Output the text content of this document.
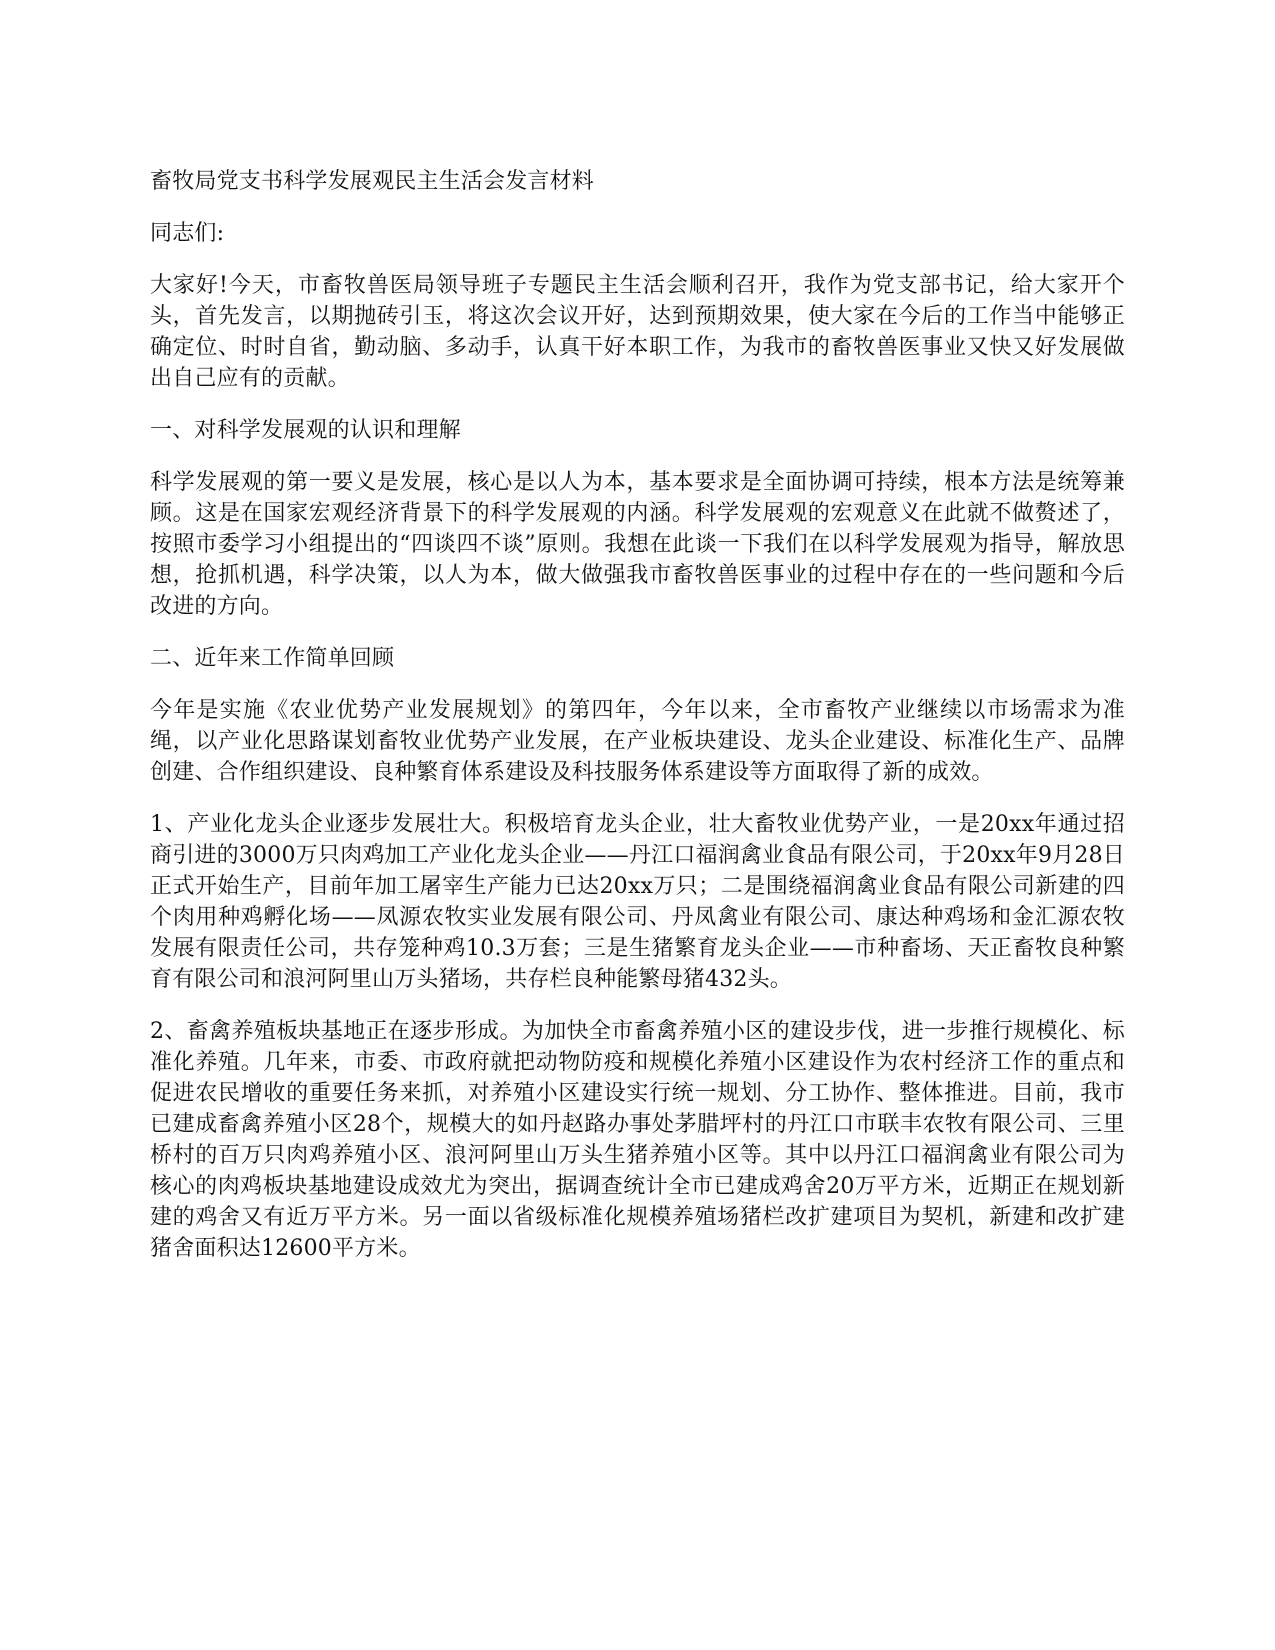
畜牧局党支书科学发展观民主生活会发言材料

同志们:

大家好!今天，市畜牧兽医局领导班子专题民主生活会顺利召开，我作为党支部书记，给大家开个头，首先发言，以期抛砖引玉，将这次会议开好，达到预期效果，使大家在今后的工作当中能够正确定位、时时自省，勤动脑、多动手，认真干好本职工作，为我市的畜牧兽医事业又快又好发展做出自己应有的贡献。

一、对科学发展观的认识和理解

科学发展观的第一要义是发展，核心是以人为本，基本要求是全面协调可持续，根本方法是统筹兼顾。这是在国家宏观经济背景下的科学发展观的内涵。科学发展观的宏观意义在此就不做赘述了，按照市委学习小组提出的“四谈四不谈”原则。我想在此谈一下我们在以科学发展观为指导，解放思想，抢抓机遇，科学决策，以人为本，做大做强我市畜牧兽医事业的过程中存在的一些问题和今后改进的方向。

二、近年来工作简单回顾

今年是实施《农业优势产业发展规划》的第四年，今年以来，全市畜牧产业继续以市场需求为准绳，以产业化思路谋划畜牧业优势产业发展，在产业板块建设、龙头企业建设、标准化生产、品牌创建、合作组织建设、良种繁育体系建设及科技服务体系建设等方面取得了新的成效。

1、产业化龙头企业逐步发展壮大。积极培育龙头企业，壮大畜牧业优势产业，一是20xx年通过招商引进的3000万只肉鸡加工产业化龙头企业——丹江口福润禽业食品有限公司，于20xx年9月28日正式开始生产，目前年加工屠宰生产能力已达20xx万只；二是围绕福润禽业食品有限公司新建的四个肉用种鸡孵化场——凤源农牧实业发展有限公司、丹凤禽业有限公司、康达种鸡场和金汇源农牧发展有限责任公司，共存笼种鸡10.3万套；三是生猪繁育龙头企业——市种畜场、天正畜牧良种繁育有限公司和浪河阿里山万头猪场，共存栏良种能繁母猪432头。

2、畜禽养殖板块基地正在逐步形成。为加快全市畜禽养殖小区的建设步伐，进一步推行规模化、标准化养殖。几年来，市委、市政府就把动物防疫和规模化养殖小区建设作为农村经济工作的重点和促进农民增收的重要任务来抓，对养殖小区建设实行统一规划、分工协作、整体推进。目前，我市已建成畜禽养殖小区28个，规模大的如丹赵路办事处茅腊坪村的丹江口市联丰农牧有限公司、三里桥村的百万只肉鸡养殖小区、浪河阿里山万头生猪养殖小区等。其中以丹江口福润禽业有限公司为核心的肉鸡板块基地建设成效尤为突出，据调查统计全市已建成鸡舍20万平方米，近期正在规划新建的鸡舍又有近万平方米。另一面以省级标准化规模养殖场猪栏改扩建项目为契机，新建和改扩建猪舍面积达12600平方米。
